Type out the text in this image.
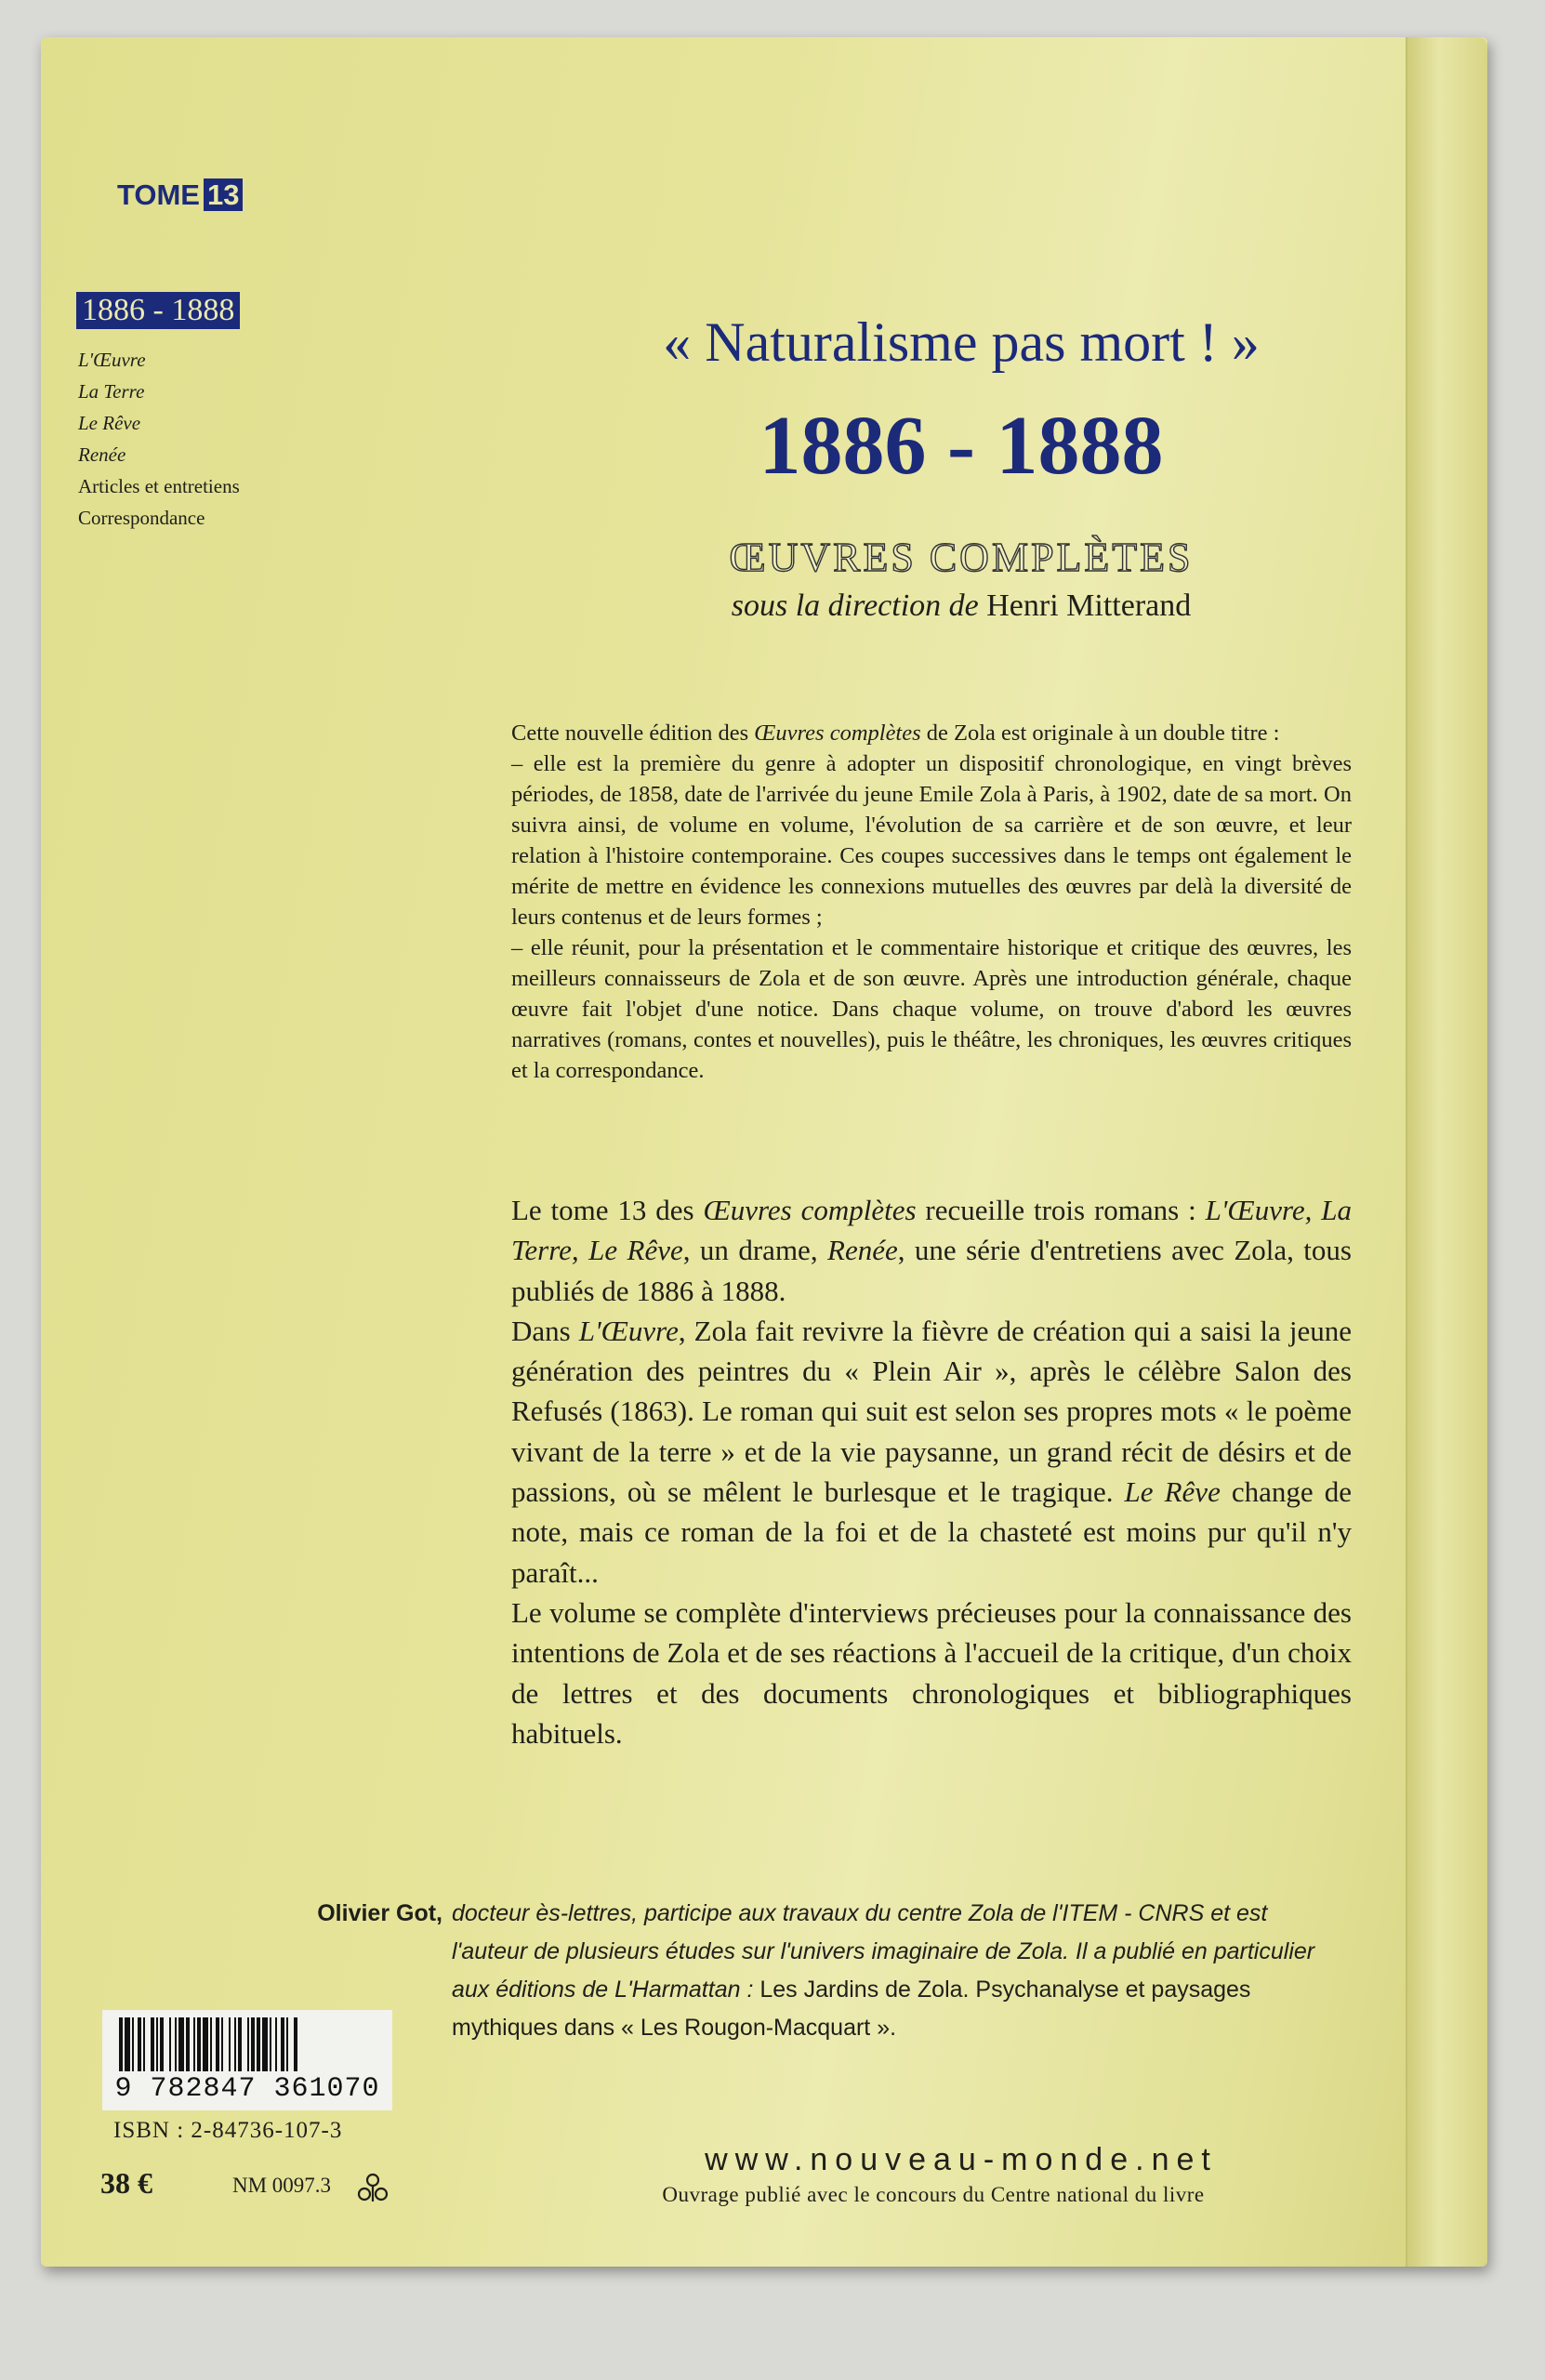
TOME 13
1886 - 1888
L'Œuvre
La Terre
Le Rêve
Renée
Articles et entretiens
Correspondance
« Naturalisme pas mort ! »
1886 - 1888
ŒUVRES COMPLÈTES
sous la direction de Henri Mitterand
Cette nouvelle édition des Œuvres complètes de Zola est originale à un double titre :
– elle est la première du genre à adopter un dispositif chronologique, en vingt brèves périodes, de 1858, date de l'arrivée du jeune Emile Zola à Paris, à 1902, date de sa mort. On suivra ainsi, de volume en volume, l'évolution de sa carrière et de son œuvre, et leur relation à l'histoire contemporaine. Ces coupes successives dans le temps ont également le mérite de mettre en évidence les connexions mutuelles des œuvres par delà la diversité de leurs contenus et de leurs formes ;
– elle réunit, pour la présentation et le commentaire historique et critique des œuvres, les meilleurs connaisseurs de Zola et de son œuvre. Après une introduction générale, chaque œuvre fait l'objet d'une notice. Dans chaque volume, on trouve d'abord les œuvres narratives (romans, contes et nouvelles), puis le théâtre, les chroniques, les œuvres critiques et la correspondance.
Le tome 13 des Œuvres complètes recueille trois romans : L'Œuvre, La Terre, Le Rêve, un drame, Renée, une série d'entretiens avec Zola, tous publiés de 1886 à 1888.
Dans L'Œuvre, Zola fait revivre la fièvre de création qui a saisi la jeune génération des peintres du « Plein Air », après le célèbre Salon des Refusés (1863). Le roman qui suit est selon ses propres mots « le poème vivant de la terre » et de la vie paysanne, un grand récit de désirs et de passions, où se mêlent le burlesque et le tragique. Le Rêve change de note, mais ce roman de la foi et de la chasteté est moins pur qu'il n'y paraît...
Le volume se complète d'interviews précieuses pour la connaissance des intentions de Zola et de ses réactions à l'accueil de la critique, d'un choix de lettres et des documents chronologiques et bibliographiques habituels.
Olivier Got, docteur ès-lettres, participe aux travaux du centre Zola de l'ITEM - CNRS et est l'auteur de plusieurs études sur l'univers imaginaire de Zola. Il a publié en particulier aux éditions de L'Harmattan : Les Jardins de Zola. Psychanalyse et paysages mythiques dans « Les Rougon-Macquart ».
9 782847 361070
ISBN : 2-84736-107-3
38 €	NM 0097.3
www.nouveau-monde.net
Ouvrage publié avec le concours du Centre national du livre
